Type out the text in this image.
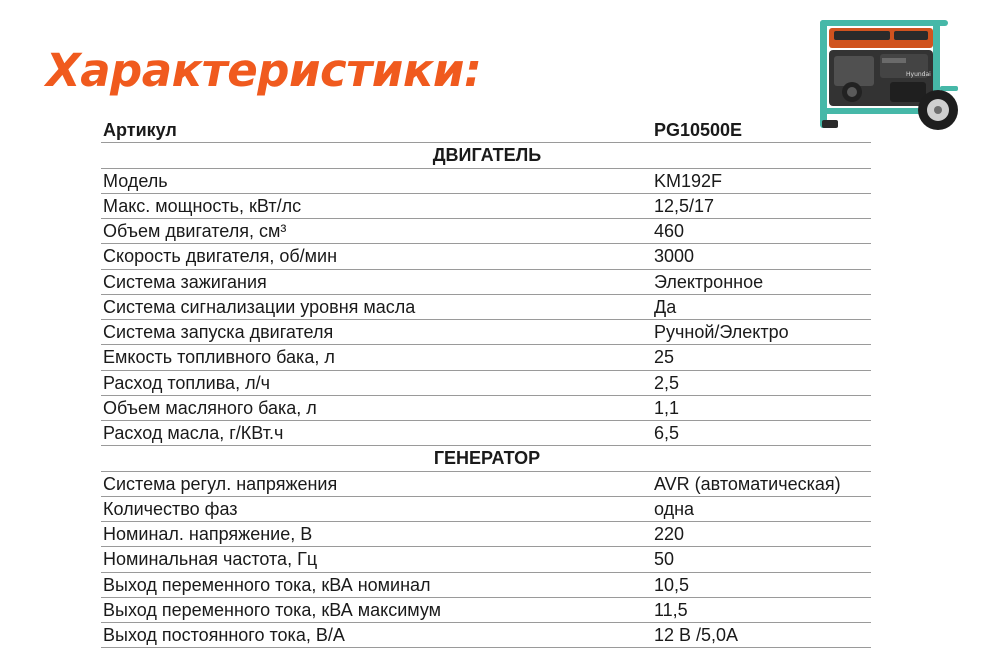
Характеристики:	Hyundai
Артикул	PG10500E
ДВИГАТЕЛЬ	
Модель	KM192F
Макс. мощность, кВт/лс	12,5/17
Объем двигателя, см³	460
Скорость двигателя, об/мин	3000
Система зажигания	Электронное
Система сигнализации уровня масла	Да
Система запуска двигателя	Ручной/Электро
Емкость топливного бака, л	25
Расход топлива, л/ч	2,5
Объем масляного бака, л	1,1
Расход масла, г/КВт.ч	6,5
ГЕНЕРАТОР	
Система регул. напряжения	AVR (автоматическая)
Количество фаз	одна
Номинал. напряжение, В	220
Номинальная частота, Гц	50
Выход переменного тока, кВА номинал	10,5
Выход переменного тока, кВА максимум	11,5
Выход постоянного тока, В/А	12 В /5,0А
